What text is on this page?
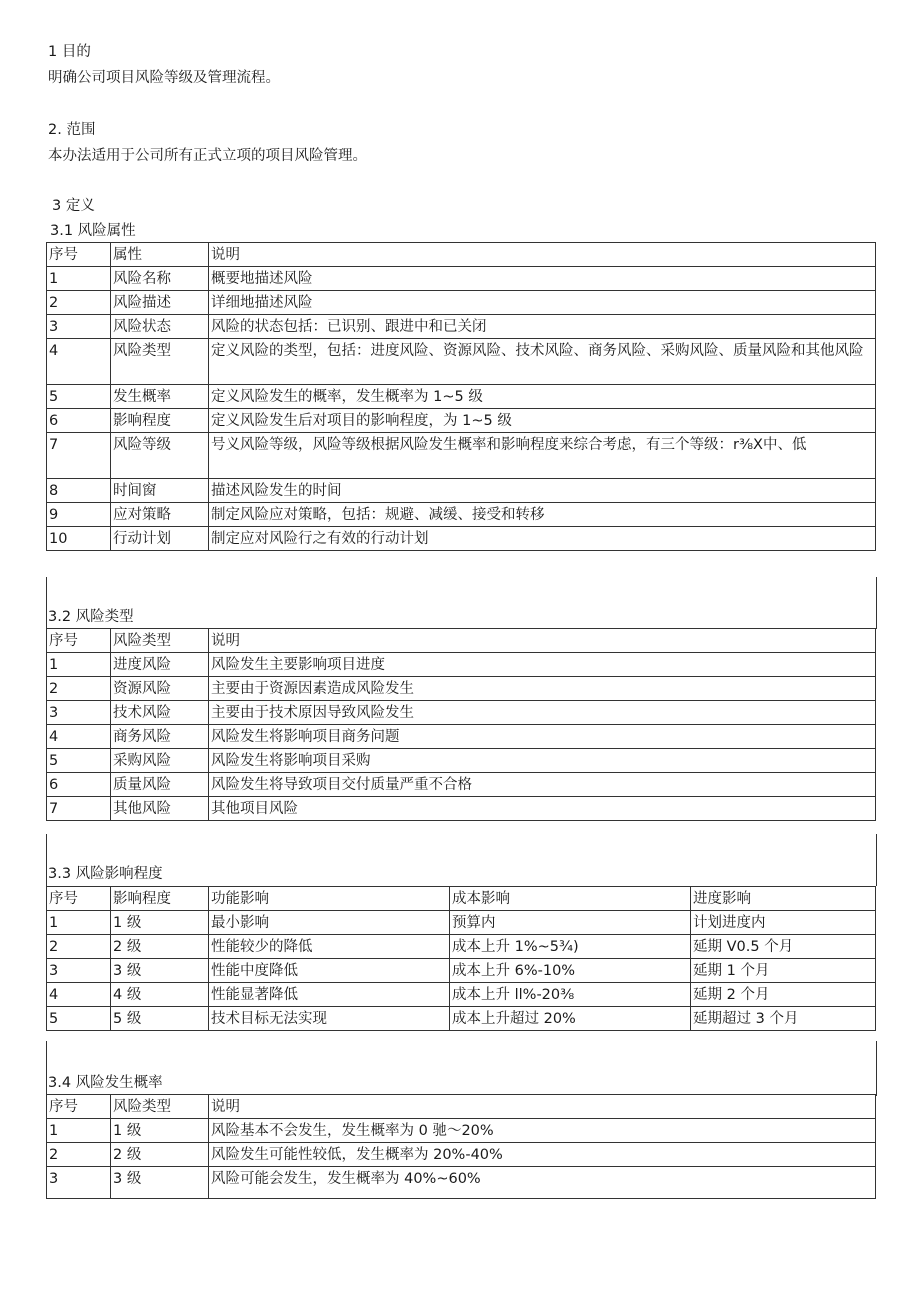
1 目的
明确公司项目风险等级及管理流程。
2. 范围
本办法适用于公司所有正式立项的项目风险管理。
3 定义
3.1 风险属性
序号	属性	说明
1	风险名称	概要地描述风险
2	风险描述	详细地描述风险
3	风险状态	风险的状态包括：已识别、跟进中和已关闭
4	风险类型	定义风险的类型，包括：进度风险、资源风险、技术风险、商务风险、采购风险、质量风险和其他风险
5	发生概率	定义风险发生的概率，发生概率为 1~5 级
6	影响程度	定义风险发生后对项目的影响程度，为 1~5 级
7	风险等级	号义风险等级，风险等级根据风险发生概率和影响程度来综合考虑，有三个等级：r⅜X中、低
8	时间窗	描述风险发生的时间
9	应对策略	制定风险应对策略，包括：规避、减缓、接受和转移
10	行动计划	制定应对风险行之有效的行动计划
3.2 风险类型
序号	风险类型	说明
1	进度风险	风险发生主要影响项目进度
2	资源风险	主要由于资源因素造成风险发生
3	技术风险	主要由于技术原因导致风险发生
4	商务风险	风险发生将影响项目商务问题
5	采购风险	风险发生将影响项目采购
6	质量风险	风险发生将导致项目交付质量严重不合格
7	其他风险	其他项目风险
3.3 风险影响程度
序号	影响程度	功能影响	成本影响	进度影响
1	1 级	最小影响	预算内	计划进度内
2	2 级	性能较少的降低	成本上升 1%~5¾)	延期 V0.5 个月
3	3 级	性能中度降低	成本上升 6%-10%	延期 1 个月
4	4 级	性能显著降低	成本上升 ll%-20⅜	延期 2 个月
5	5 级	技术目标无法实现	成本上升超过 20%	延期超过 3 个月
3.4 风险发生概率
序号	风险类型	说明
1	1 级	风险基本不会发生，发生概率为 0 驰～20%
2	2 级	风险发生可能性较低，发生概率为 20%-40%
3	3 级	风险可能会发生，发生概率为 40%~60%
